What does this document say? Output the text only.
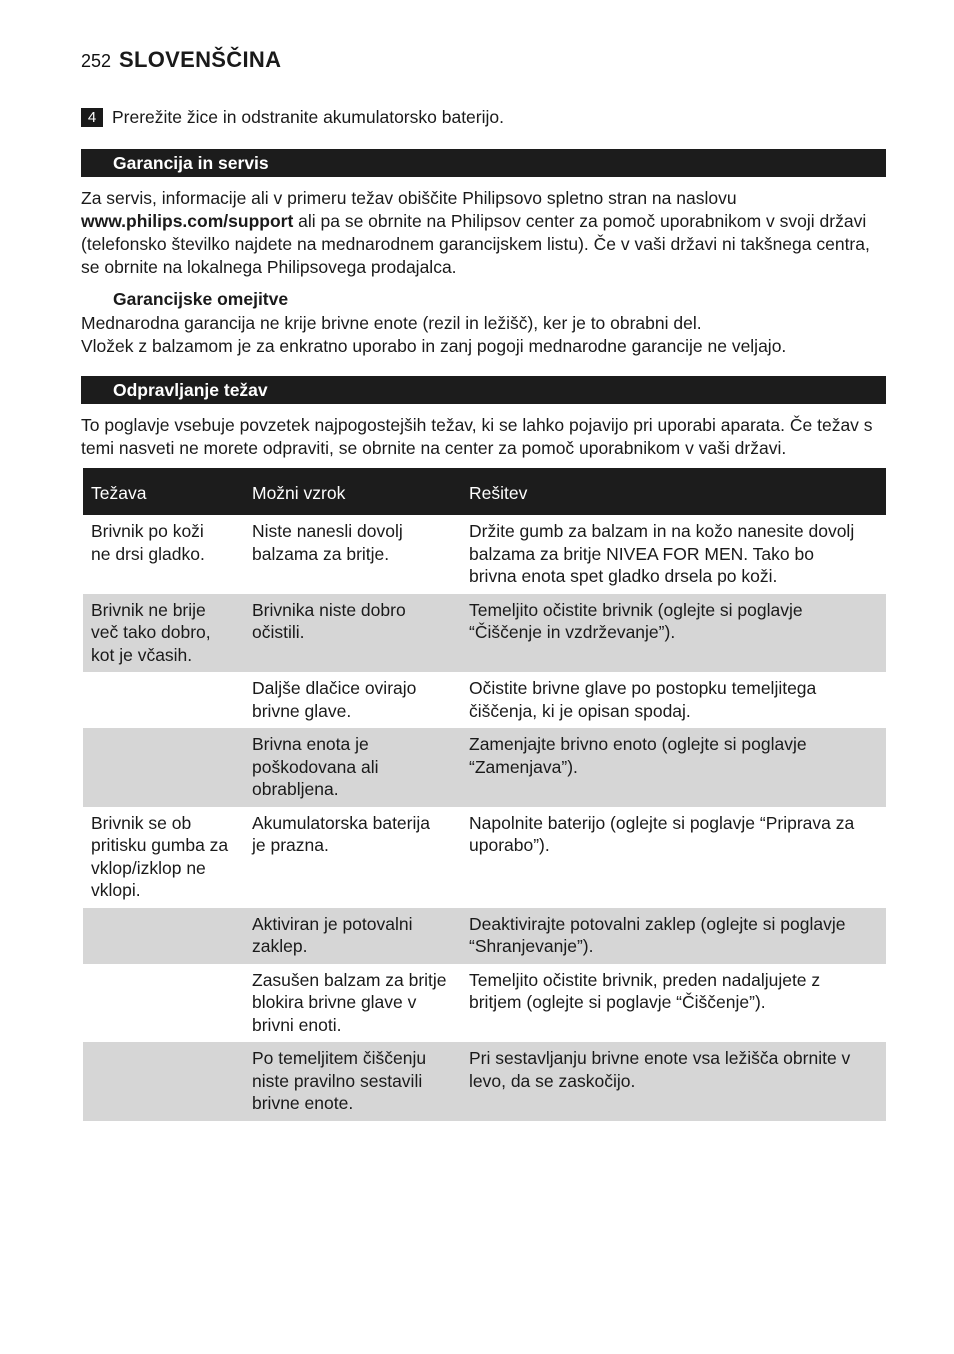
252 SLOVENŠČINA
4 Prerežite žice in odstranite akumulatorsko baterijo.
Garancija in servis
Za servis, informacije ali v primeru težav obiščite Philipsovo spletno stran na naslovu
www.philips.com/support ali pa se obrnite na Philipsov center za pomoč uporabnikom v svoji državi
(telefonsko številko najdete na mednarodnem garancijskem listu). Če v vaši državi ni takšnega centra,
se obrnite na lokalnega Philipsovega prodajalca.
Garancijske omejitve
Mednarodna garancija ne krije brivne enote (rezil in ležišč), ker je to obrabni del.
Vložek z balzamom je za enkratno uporabo in zanj pogoji mednarodne garancije ne veljajo.
Odpravljanje težav
To poglavje vsebuje povzetek najpogostejših težav, ki se lahko pojavijo pri uporabi aparata. Če težav s
temi nasveti ne morete odpraviti, se obrnite na center za pomoč uporabnikom v vaši državi.
Težava	Možni vzrok	Rešitev

Brivnik po koži
ne drsi gladko.	Niste nanesli dovolj
balzama za britje.	Držite gumb za balzam in na kožo nanesite dovolj
balzama za britje NIVEA FOR MEN. Tako bo
brivna enota spet gladko drsela po koži.

Brivnik ne brije
več tako dobro,
kot je včasih.	Brivnika niste dobro
očistili.	Temeljito očistite brivnik (oglejte si poglavje
“Čiščenje in vzdrževanje”).

	Daljše dlačice ovirajo
brivne glave.	Očistite brivne glave po postopku temeljitega
čiščenja, ki je opisan spodaj.

	Brivna enota je
poškodovana ali
obrabljena.	Zamenjajte brivno enoto (oglejte si poglavje
“Zamenjava”).

Brivnik se ob
pritisku gumba za
vklop/izklop ne
vklopi.	Akumulatorska baterija
je prazna.	Napolnite baterijo (oglejte si poglavje “Priprava za
uporabo”).

	Aktiviran je potovalni
zaklep.	Deaktivirajte potovalni zaklep (oglejte si poglavje
“Shranjevanje”).

	Zasušen balzam za britje
blokira brivne glave v
brivni enoti.	Temeljito očistite brivnik, preden nadaljujete z
britjem (oglejte si poglavje “Čiščenje”).

	Po temeljitem čiščenju
niste pravilno sestavili
brivne enote.	Pri sestavljanju brivne enote vsa ležišča obrnite v
levo, da se zaskočijo.
